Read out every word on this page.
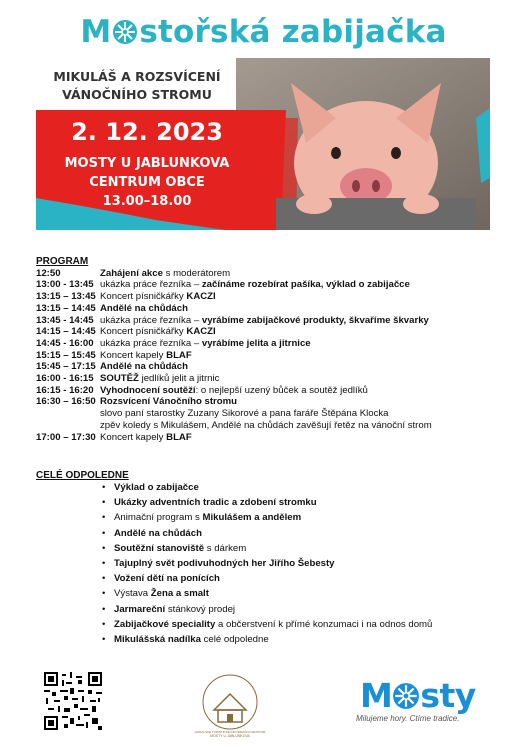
M stořská zabijačka
MIKULÁŠ A ROZSVÍCENÍ
VÁNOČNÍHO STROMU
2. 12. 2023
MOSTY U JABLUNKOVA
CENTRUM OBCE
13.00–18.00
PROGRAM
12:50	Zahájení akce s moderátorem
13:00 - 13:45 ukázka práce řezníka – začínáme rozebírat pašíka, výklad o zabijačce
13:15 – 13:45 Koncert písničkářky KACZI
13:15 – 14:45 Andělé na chůdách
13:45 - 14:45 ukázka práce řezníka – vyrábíme zabijačkové produkty, škvaříme škvarky
14:15 – 14:45 Koncert písničkářky KACZI
14:45 - 16:00 ukázka práce řezníka – vyrábíme jelita a jitrnice
15:15 – 15:45 Koncert kapely BLAF
15:45 – 17:15 Andělé na chůdách
16:00 - 16:15 SOUTĚŽ jedlíků jelit a jitrnic
16:15 - 16:20 Vyhodnocení soutěží: o nejlepší uzený bůček a soutěž jedlíků
16:30 – 16:50 Rozsvícení Vánočního stromu
slovo paní starostky Zuzany Sikorové a pana faráře Štěpána Klocka
zpěv koledy s Mikulášem, Andělé na chůdách zavěšují řetěz na vánoční strom
17:00 – 17:30 Koncert kapely BLAF
CELÉ ODPOLEDNE
• Výklad o zabijačce
• Ukázky adventních tradic a zdobení stromku
• Animační program s Mikulášem a andělem
• Andělé na chůdách
• Soutěžní stanoviště s dárkem
• Tajuplný svět podivuhodných her Jiřího Šebesty
• Vožení dětí na ponících
• Výstava Žena a smalt
• Jarmareční stánkový prodej
• Zabijačkové speciality a občerstvení k přímé konzumaci i na odnos domů
• Mikulášská nadílka celé odpoledne
GORALSKÉ TURISTICKÉ INFORMAČNÍ CENTRUM
MOSTY U JABLUNKOVA
M sty
Milujeme hory. Ctíme tradice.
